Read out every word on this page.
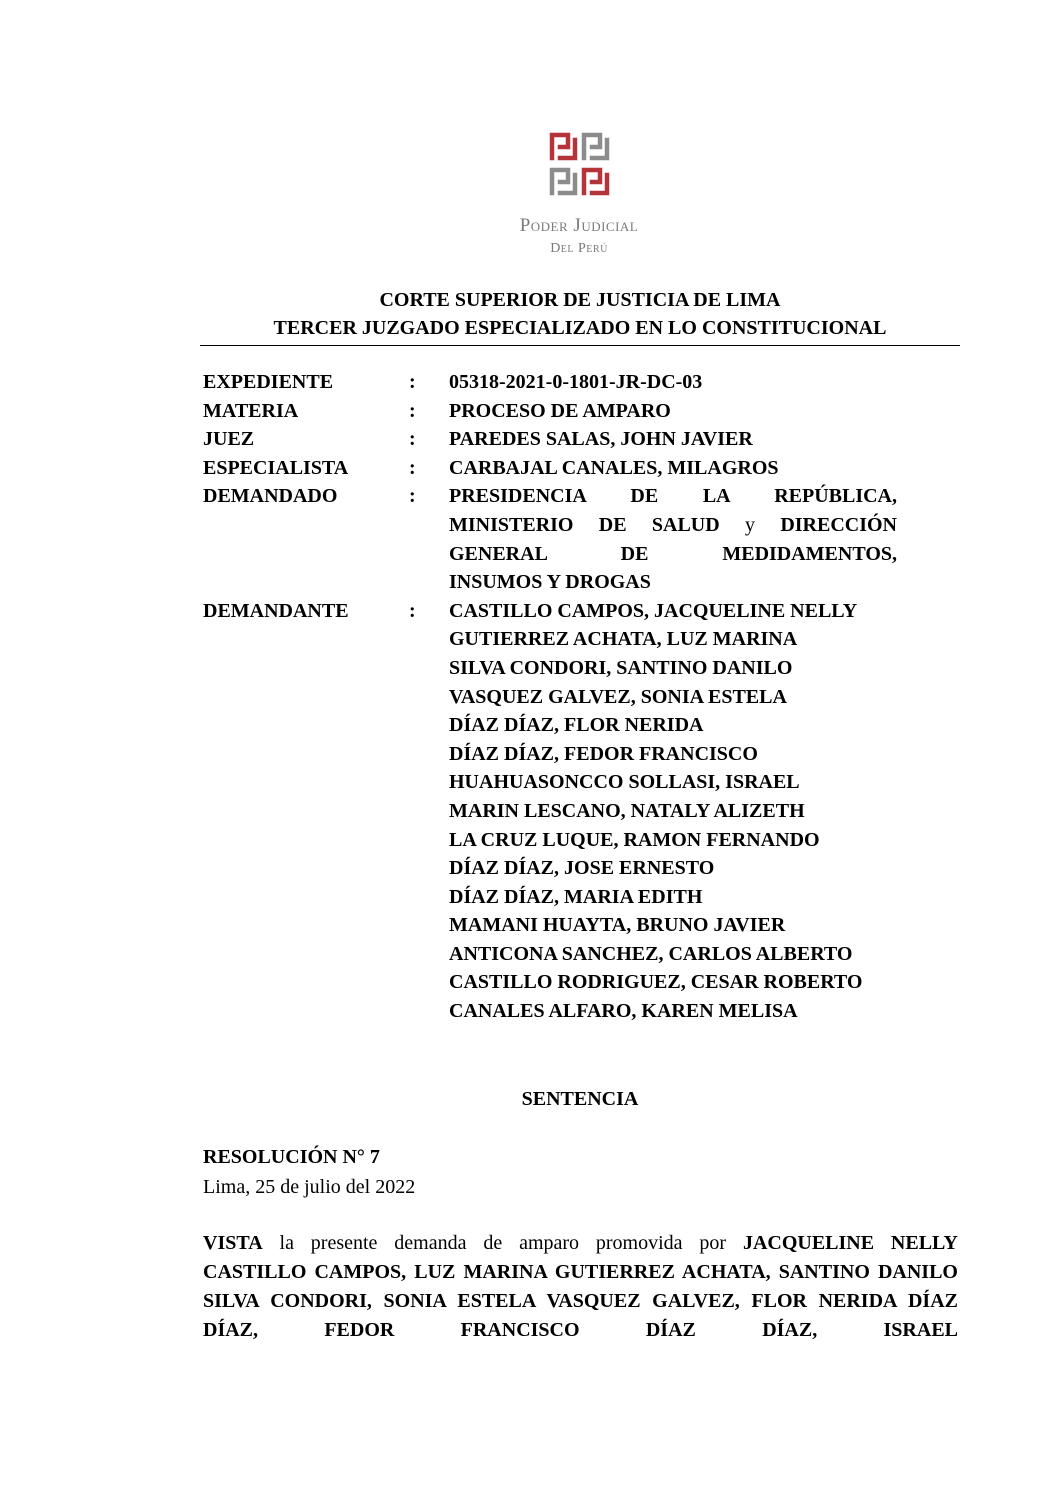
Poder Judicial
Del Perú
CORTE SUPERIOR DE JUSTICIA DE LIMA
TERCER JUZGADO ESPECIALIZADO EN LO CONSTITUCIONAL
EXPEDIENTE	:	05318-2021-0-1801-JR-DC-03
MATERIA	:	PROCESO DE AMPARO
JUEZ	:	PAREDES SALAS, JOHN JAVIER
ESPECIALISTA	:	CARBAJAL CANALES, MILAGROS
DEMANDADO	:	PRESIDENCIA DE LA REPÚBLICA,
MINISTERIO DE SALUD y DIRECCIÓN
GENERAL DE MEDIDAMENTOS,
INSUMOS Y DROGAS
DEMANDANTE	:	CASTILLO CAMPOS, JACQUELINE NELLY
GUTIERREZ ACHATA, LUZ MARINA
SILVA CONDORI, SANTINO DANILO
VASQUEZ GALVEZ, SONIA ESTELA
DÍAZ DÍAZ, FLOR NERIDA
DÍAZ DÍAZ, FEDOR FRANCISCO
HUAHUASONCCO SOLLASI, ISRAEL
MARIN LESCANO, NATALY ALIZETH
LA CRUZ LUQUE, RAMON FERNANDO
DÍAZ DÍAZ, JOSE ERNESTO
DÍAZ DÍAZ, MARIA EDITH
MAMANI HUAYTA, BRUNO JAVIER
ANTICONA SANCHEZ, CARLOS ALBERTO
CASTILLO RODRIGUEZ, CESAR ROBERTO
CANALES ALFARO, KAREN MELISA
SENTENCIA
RESOLUCIÓN N° 7
Lima, 25 de julio del 2022
VISTA la presente demanda de amparo promovida por JACQUELINE NELLY CASTILLO CAMPOS, LUZ MARINA GUTIERREZ ACHATA, SANTINO DANILO SILVA CONDORI, SONIA ESTELA VASQUEZ GALVEZ, FLOR NERIDA DÍAZ DÍAZ, FEDOR FRANCISCO DÍAZ DÍAZ, ISRAEL
